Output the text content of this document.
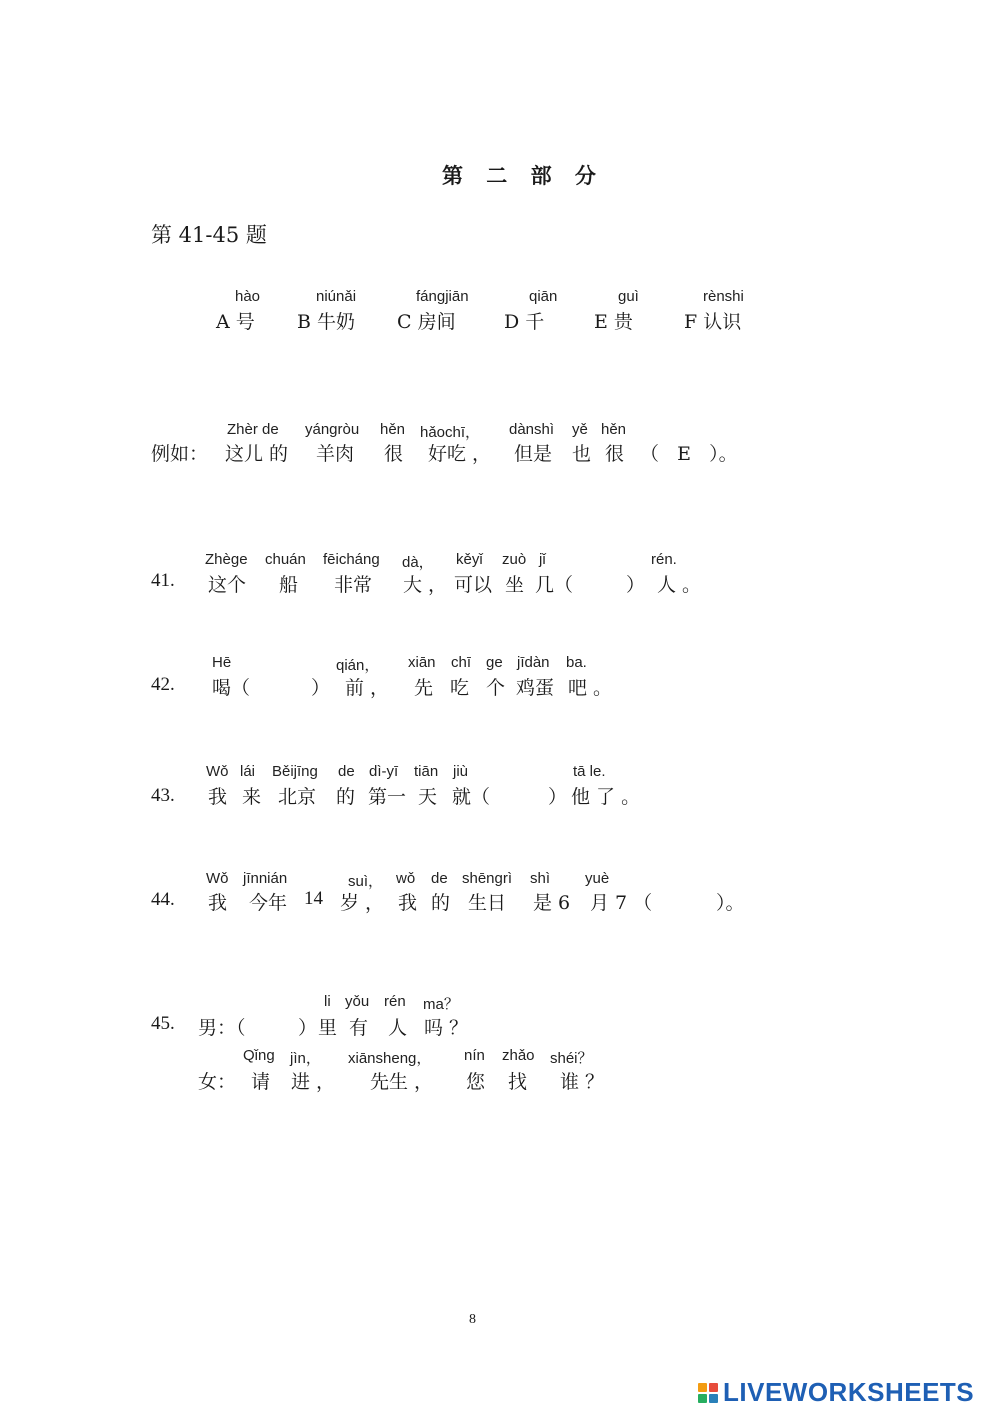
第 二 部 分
第 41-45 题
hào
A 号
niúnǎi
B 牛奶
fángjiān
C 房间
qiān
D 千
guì
E 贵
rènshi
F 认识
例如：
Zhèr de
这儿 的
yángròu
羊肉
hěn
很
hǎochī，
好吃 ，
dànshì
但是
yě
也
hěn
很 （   E   ）。
41.
Zhège
这个
chuán
船
fēicháng
非常
dà，
大 ，
kěyǐ
可以
zuò
坐
jǐ
几（	）
rén.
人 。
42.
Hē
喝（	）
qián，
前 ，
xiān
先
chī
吃
ge
个
jīdàn
鸡蛋
ba.
吧 。
43.
Wǒ
我
lái
来
Běijīng
北京
de
的
dì-yī
第一
tiān
天
jiù
就（	）
tā le.
他 了 。
44.
Wǒ
我
jīnnián
今年 14
suì，
岁 ，
wǒ
我
de
的
shēngrì
生日
shì
是 6
yuè
月 7 （	）。
45. 男：（	）
li
里
yǒu
有
rén
人
ma？
吗 ？
女：
Qǐng
请
jìn，
进 ，
xiānsheng，
先生 ，
nín
您
zhǎo
找
shéi？
谁 ？
8
LIVEWORKSHEETS
